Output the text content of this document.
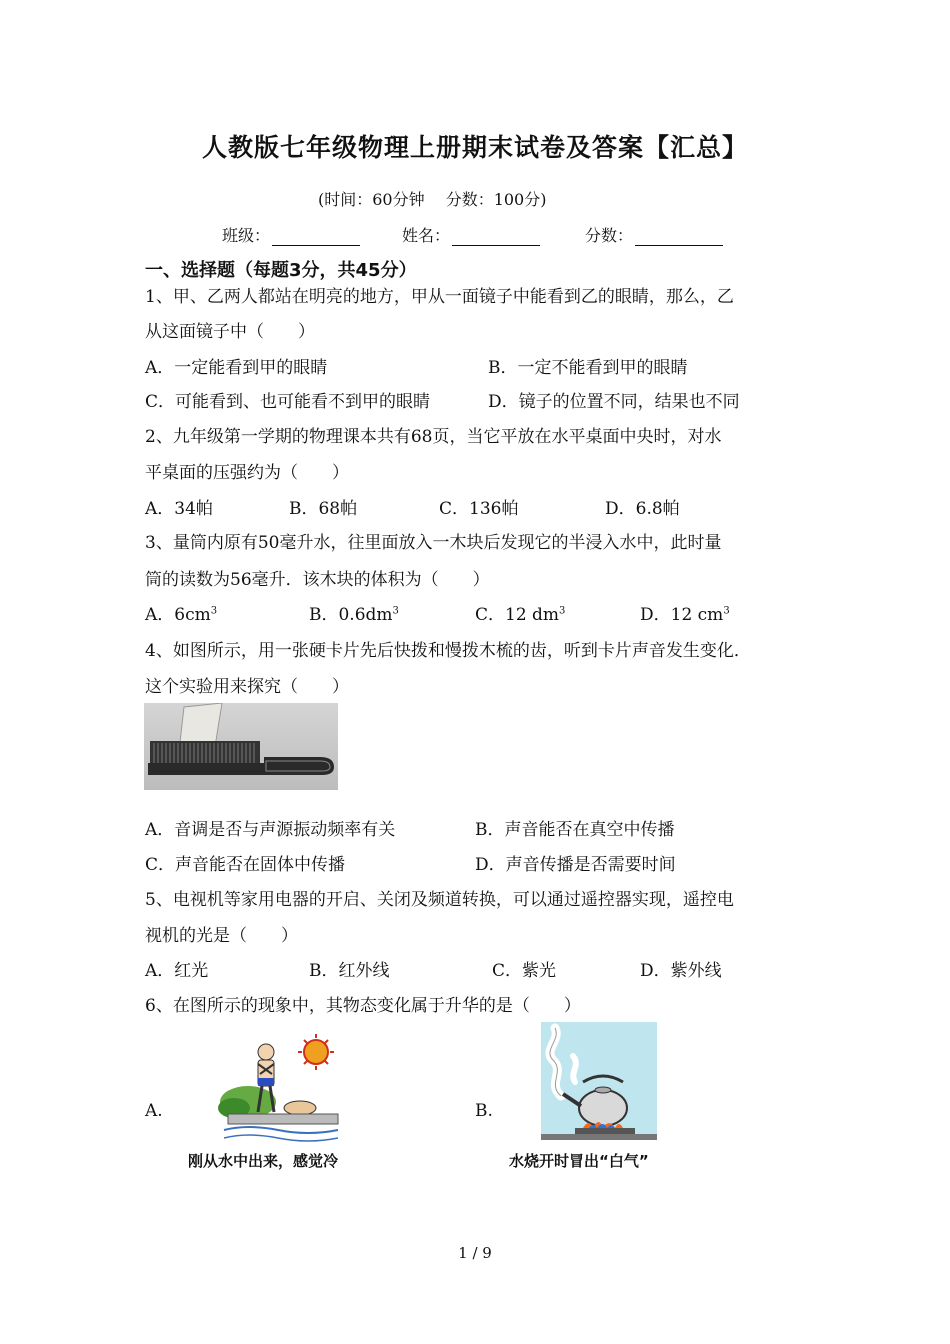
人教版七年级物理上册期末试卷及答案【汇总】
(时间：60分钟　 分数：100分)
班级：	姓名：	分数：
一、选择题（每题3分，共45分）
1、甲、乙两人都站在明亮的地方，甲从一面镜子中能看到乙的眼睛，那么，乙
从这面镜子中（　　）
A．一定能看到甲的眼睛	B．一定不能看到甲的眼睛
C．可能看到、也可能看不到甲的眼睛	D．镜子的位置不同，结果也不同
2、九年级第一学期的物理课本共有68页，当它平放在水平桌面中央时，对水
平桌面的压强约为（　　）
A．34帕	B．68帕	C．136帕	D．6.8帕
3、量筒内原有50毫升水，往里面放入一木块后发现它的半浸入水中，此时量
筒的读数为56毫升．该木块的体积为（　　）
A．$6cm^3$	B．$0.6dm^3$	C．12 $dm^3$	D．12 $cm^3$
4、如图所示，用一张硬卡片先后快拨和慢拨木梳的齿，听到卡片声音发生变化．
这个实验用来探究（　　）
A．音调是否与声源振动频率有关	B．声音能否在真空中传播
C．声音能否在固体中传播	D．声音传播是否需要时间
5、电视机等家用电器的开启、关闭及频道转换，可以通过遥控器实现，遥控电
视机的光是（　　）
A．红光	B．红外线	C．紫光	D．紫外线
6、在图所示的现象中，其物态变化属于升华的是（　　）
A.	B.
刚从水中出来，感觉冷	水烧开时冒出“白气”
1 / 9
